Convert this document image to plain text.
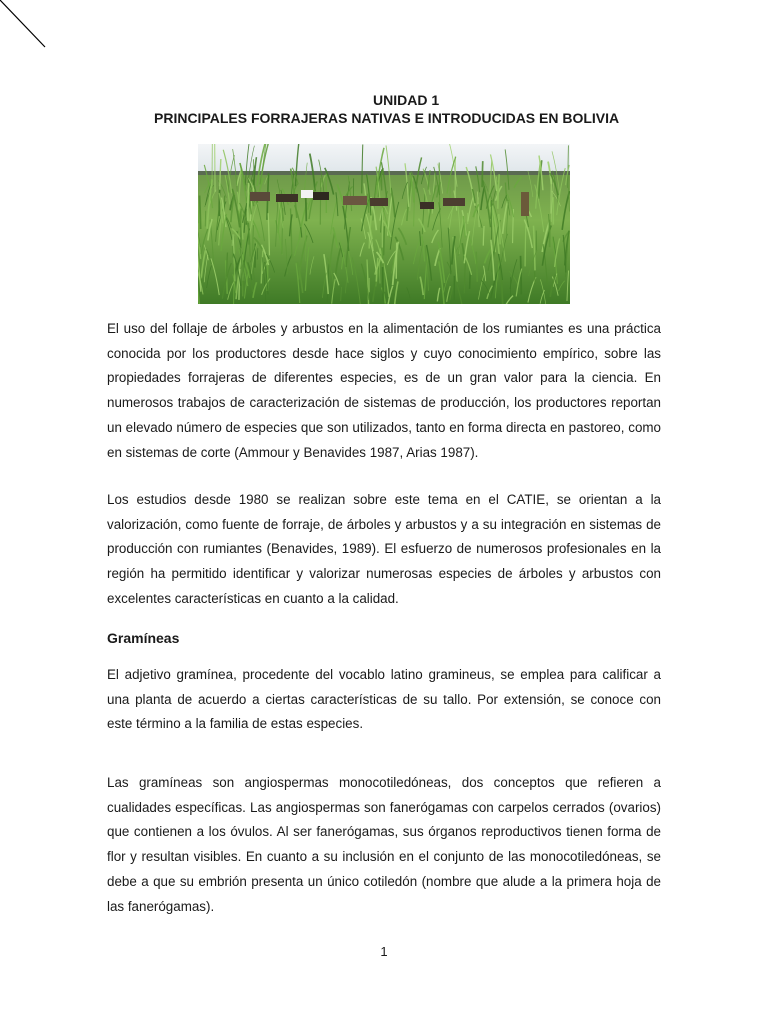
UNIDAD 1
PRINCIPALES FORRAJERAS NATIVAS E INTRODUCIDAS EN BOLIVIA

El uso del follaje de árboles y arbustos en la alimentación de los rumiantes es una práctica conocida por los productores desde hace siglos y cuyo conocimiento empírico, sobre las propiedades forrajeras de diferentes especies, es de un gran valor para la ciencia. En numerosos trabajos de caracterización de sistemas de producción, los productores reportan un elevado número de especies que son utilizados, tanto en forma directa en pastoreo, como en sistemas de corte (Ammour y Benavides 1987, Arias 1987).

Los estudios desde 1980 se realizan sobre este tema en el CATIE, se orientan a la valorización, como fuente de forraje, de árboles y arbustos y a su integración en sistemas de producción con rumiantes (Benavides, 1989). El esfuerzo de numerosos profesionales en la región ha permitido identificar y valorizar numerosas especies de árboles y arbustos con excelentes características en cuanto a la calidad.

Gramíneas

El adjetivo gramínea, procedente del vocablo latino gramineus, se emplea para calificar a una planta de acuerdo a ciertas características de su tallo. Por extensión, se conoce con este término a la familia de estas especies.

Las gramíneas son angiospermas monocotiledóneas, dos conceptos que refieren a cualidades específicas. Las angiospermas son fanerógamas con carpelos cerrados (ovarios) que contienen a los óvulos. Al ser fanerógamas, sus órganos reproductivos tienen forma de flor y resultan visibles. En cuanto a su inclusión en el conjunto de las monocotiledóneas, se debe a que su embrión presenta un único cotiledón (nombre que alude a la primera hoja de las fanerógamas).

1
